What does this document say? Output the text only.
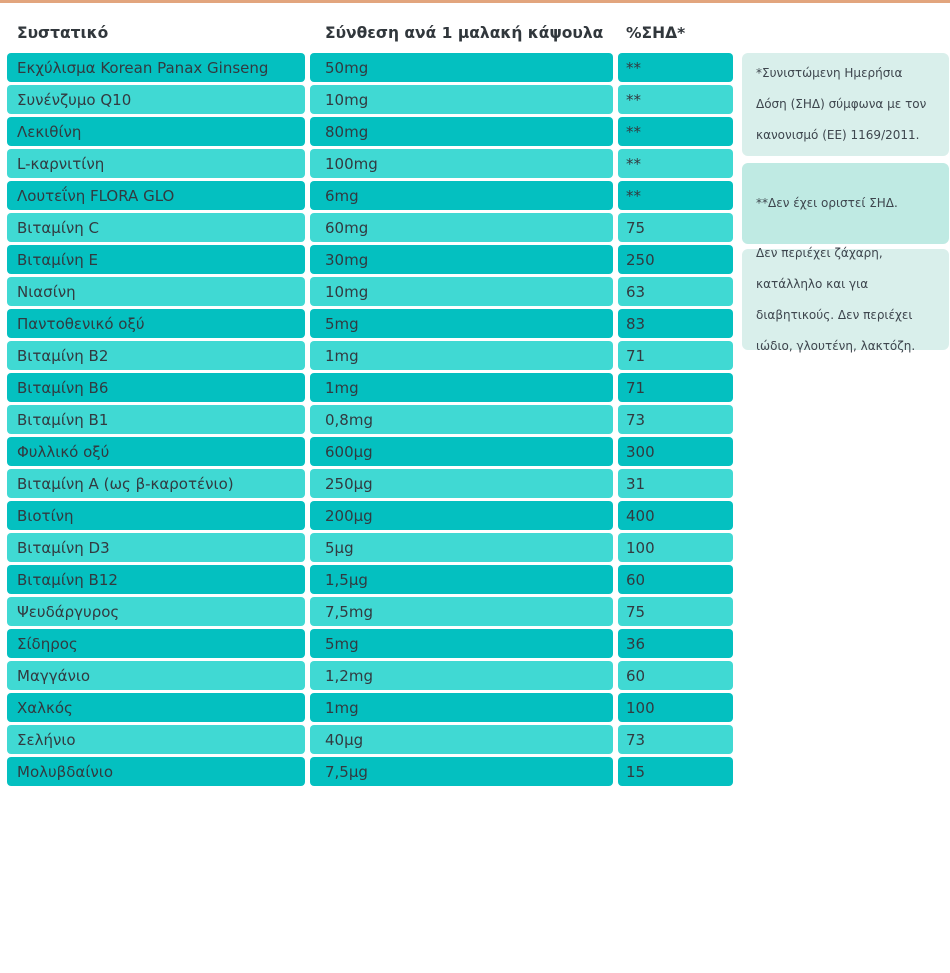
Συστατικό	Σύνθεση ανά 1 μαλακή κάψουλα	%ΣΗΔ*
Εκχύλισμα Korean Panax Ginseng	50mg	**
Συνένζυμο Q10	10mg	**
Λεκιθίνη	80mg	**
L-καρνιτίνη	100mg	**
Λουτεΐνη FLORA GLO	6mg	**
Βιταμίνη C	60mg	75
Βιταμίνη E	30mg	250
Νιασίνη	10mg	63
Παντοθενικό οξύ	5mg	83
Βιταμίνη B2	1mg	71
Βιταμίνη B6	1mg	71
Βιταμίνη B1	0,8mg	73
Φυλλικό οξύ	600μg	300
Βιταμίνη A (ως β-καροτένιο)	250μg	31
Βιοτίνη	200μg	400
Βιταμίνη D3	5μg	100
Βιταμίνη B12	1,5μg	60
Ψευδάργυρος	7,5mg	75
Σίδηρος	5mg	36
Μαγγάνιο	1,2mg	60
Χαλκός	1mg	100
Σελήνιο	40μg	73
Μολυβδαίνιο	7,5μg	15
*Συνιστώμενη Ημερήσια Δόση (ΣΗΔ) σύμφωνα με τον κανονισμό (ΕΕ) 1169/2011.
**Δεν έχει οριστεί ΣΗΔ.
Δεν περιέχει ζάχαρη, κατάλληλο και για διαβητικούς. Δεν περιέχει ιώδιο, γλουτένη, λακτόζη.
